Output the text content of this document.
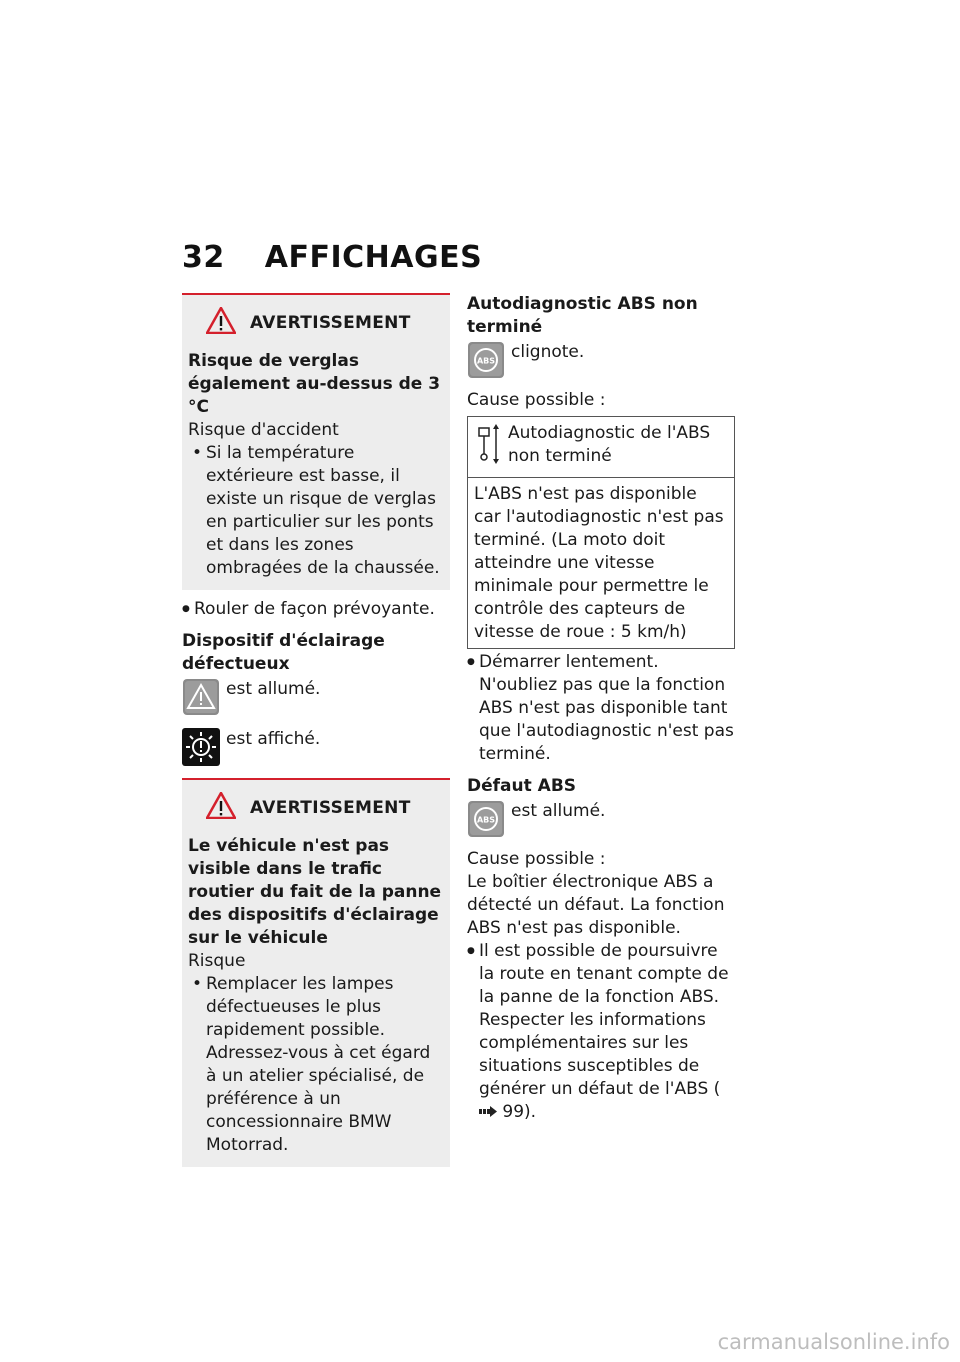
32 AFFICHAGES
AVERTISSEMENT

Risque de verglas également au-dessus de 3 °C

Risque d'accident

• Si la température extérieure est basse, il existe un risque de verglas en particulier sur les ponts et dans les zones ombragées de la chaussée.

● Rouler de façon prévoyante.

Dispositif d'éclairage défectueux

est allumé.
est affiché.
AVERTISSEMENT

Le véhicule n'est pas visible dans le trafic routier du fait de la panne des dispositifs d'éclairage sur le véhicule

Risque

• Remplacer les lampes défectueuses le plus rapidement possible. Adressez-vous à cet égard à un atelier spécialisé, de préférence à un concessionnaire BMW Motorrad.

Autodiagnostic ABS non terminé

ABS clignote.

Cause possible :

Autodiagnostic de l'ABS non terminé

L'ABS n'est pas disponible car l'autodiagnostic n'est pas terminé. (La moto doit atteindre une vitesse minimale pour permettre le contrôle des capteurs de vitesse de roue : 5 km/h)

● Démarrer lentement. N'oubliez pas que la fonction ABS n'est pas disponible tant que l'autodiagnostic n'est pas terminé.

Défaut ABS

ABS est allumé.

Cause possible :

Le boîtier électronique ABS a détecté un défaut. La fonction ABS n'est pas disponible.

● Il est possible de poursuivre la route en tenant compte de la panne de la fonction ABS. Respecter les informations complémentaires sur les situations susceptibles de générer un défaut de l'ABS ( 99).

carmanualsonline.info
